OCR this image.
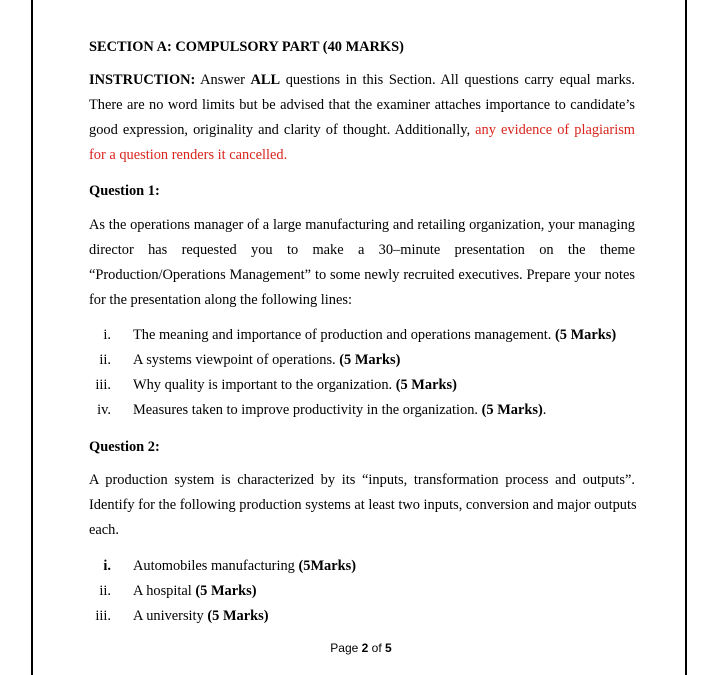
SECTION A: COMPULSORY PART (40 MARKS)
INSTRUCTION: Answer ALL questions in this Section. All questions carry equal marks.
There are no word limits but be advised that the examiner attaches importance to candidate’s
good expression, originality and clarity of thought. Additionally, any evidence of plagiarism
for a question renders it cancelled.
Question 1:
As the operations manager of a large manufacturing and retailing organization, your managing
director has requested you to make a 30–minute presentation on the theme
“Production/Operations Management” to some newly recruited executives. Prepare your notes
for the presentation along the following lines:
i. The meaning and importance of production and operations management. (5 Marks)
ii. A systems viewpoint of operations. (5 Marks)
iii. Why quality is important to the organization. (5 Marks)
iv. Measures taken to improve productivity in the organization. (5 Marks).
Question 2:
A production system is characterized by its “inputs, transformation process and outputs”.
Identify for the following production systems at least two inputs, conversion and major outputs
each.
i. Automobiles manufacturing (5Marks)
ii. A hospital (5 Marks)
iii. A university (5 Marks)
Page 2 of 5
